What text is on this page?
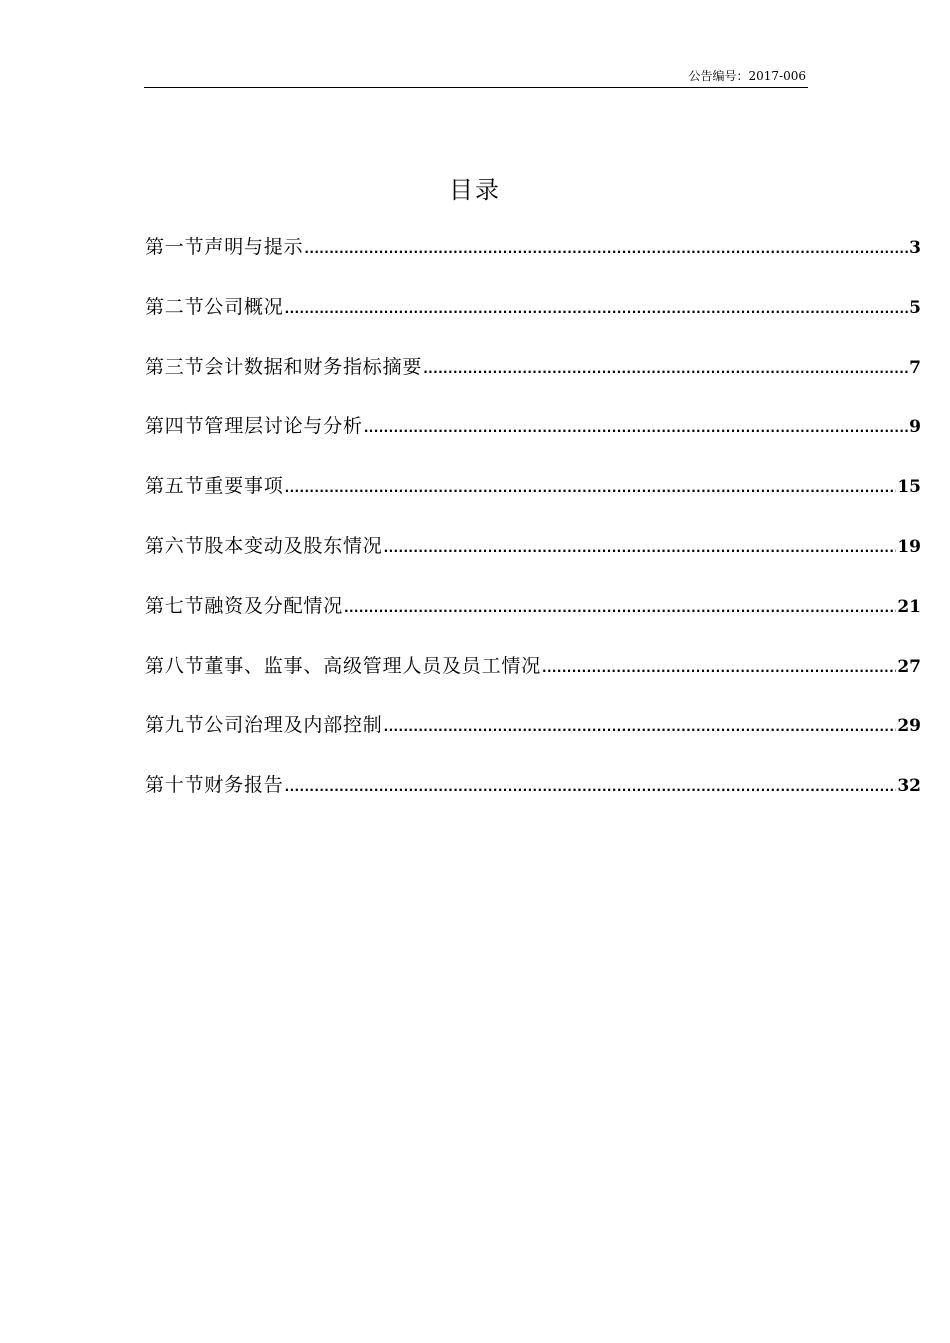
公告编号：2017-006
目录
第一节声明与提示 .....	3
第二节公司概况 .....	5
第三节会计数据和财务指标摘要 .....	7
第四节管理层讨论与分析 .....	9
第五节重要事项 .....	15
第六节股本变动及股东情况 .....	19
第七节融资及分配情况 .....	21
第八节董事、监事、高级管理人员及员工情况 .....	27
第九节公司治理及内部控制 .....	29
第十节财务报告 .....	32
